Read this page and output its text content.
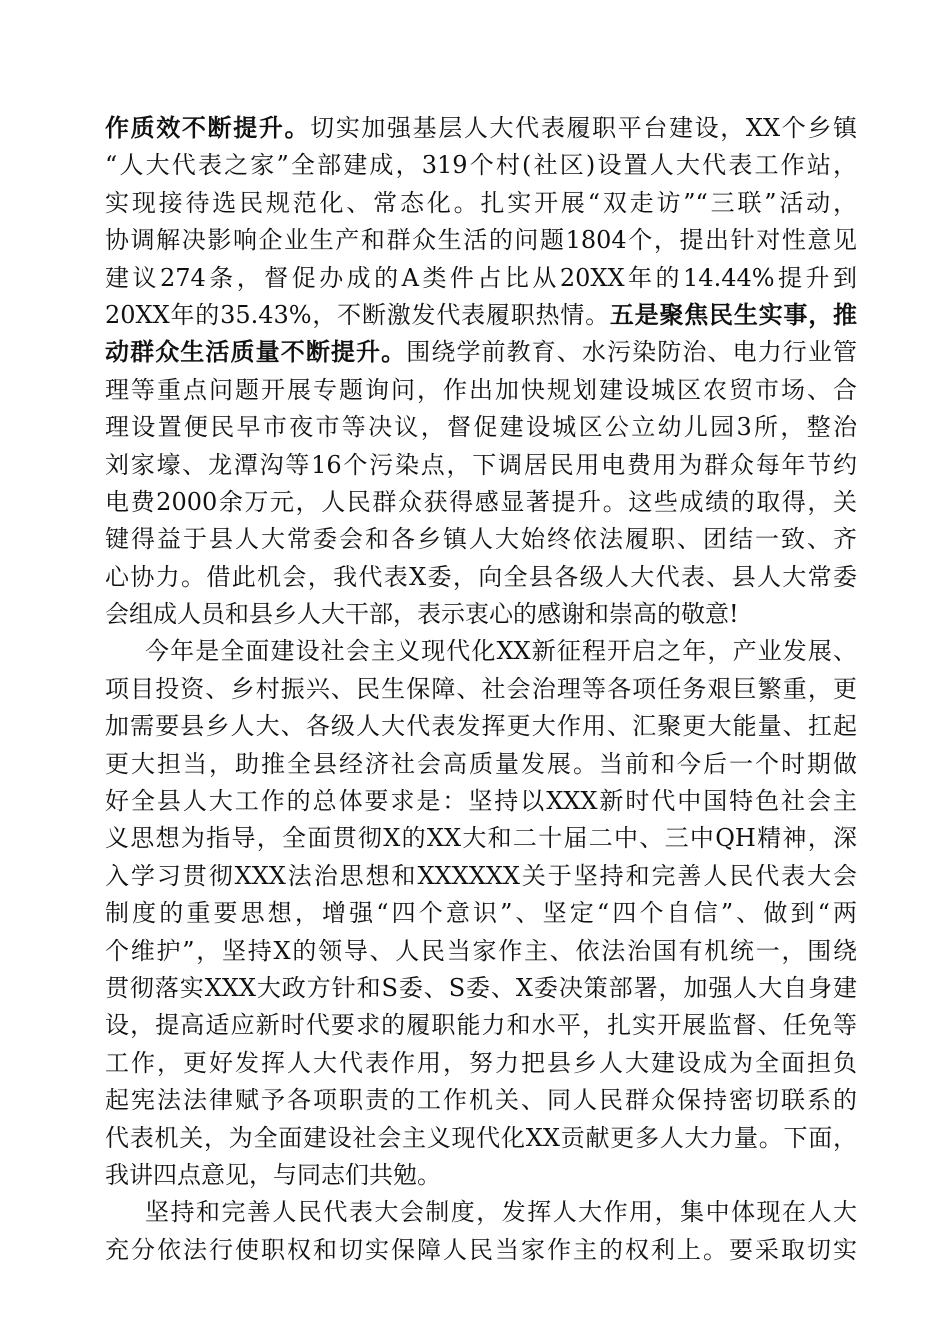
作质效不断提升。切实加强基层人大代表履职平台建设，XX个乡镇
“人大代表之家”全部建成，319个村(社区)设置人大代表工作站，
实现接待选民规范化、常态化。扎实开展“双走访”“三联”活动，
协调解决影响企业生产和群众生活的问题1804个，提出针对性意见
建议274条，督促办成的A类件占比从20XX年的14.44%提升到
20XX年的35.43%，不断激发代表履职热情。五是聚焦民生实事，推
动群众生活质量不断提升。围绕学前教育、水污染防治、电力行业管
理等重点问题开展专题询问，作出加快规划建设城区农贸市场、合
理设置便民早市夜市等决议，督促建设城区公立幼儿园3所，整治
刘家壕、龙潭沟等16个污染点，下调居民用电费用为群众每年节约
电费2000余万元，人民群众获得感显著提升。这些成绩的取得，关
键得益于县人大常委会和各乡镇人大始终依法履职、团结一致、齐
心协力。借此机会，我代表X委，向全县各级人大代表、县人大常委
会组成人员和县乡人大干部，表示衷心的感谢和崇高的敬意!
今年是全面建设社会主义现代化XX新征程开启之年，产业发展、
项目投资、乡村振兴、民生保障、社会治理等各项任务艰巨繁重，更
加需要县乡人大、各级人大代表发挥更大作用、汇聚更大能量、扛起
更大担当，助推全县经济社会高质量发展。当前和今后一个时期做
好全县人大工作的总体要求是：坚持以XXX新时代中国特色社会主
义思想为指导，全面贯彻X的XX大和二十届二中、三中QH精神，深
入学习贯彻XXX法治思想和XXXXXX关于坚持和完善人民代表大会
制度的重要思想，增强“四个意识”、坚定“四个自信”、做到“两
个维护”，坚持X的领导、人民当家作主、依法治国有机统一，围绕
贯彻落实XXX大政方针和S委、S委、X委决策部署，加强人大自身建
设，提高适应新时代要求的履职能力和水平，扎实开展监督、任免等
工作，更好发挥人大代表作用，努力把县乡人大建设成为全面担负
起宪法法律赋予各项职责的工作机关、同人民群众保持密切联系的
代表机关，为全面建设社会主义现代化XX贡献更多人大力量。下面，
我讲四点意见，与同志们共勉。
坚持和完善人民代表大会制度，发挥人大作用，集中体现在人大
充分依法行使职权和切实保障人民当家作主的权利上。要采取切实
